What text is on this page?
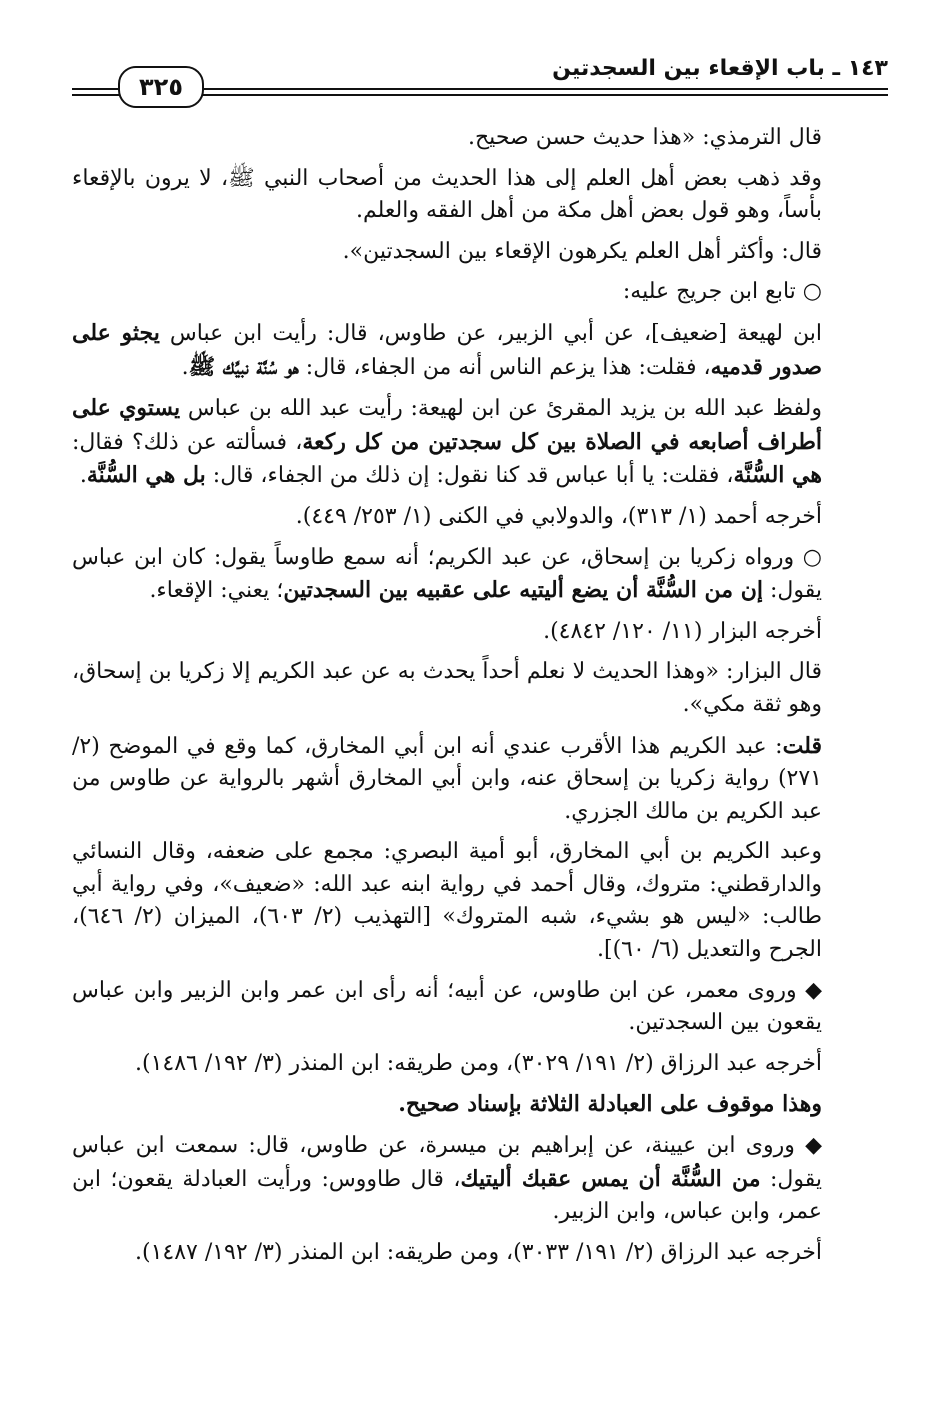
١٤٣ ـ باب الإقعاء بين السجدتين
٣٢٥

قال الترمذي: «هذا حديث حسن صحيح.

وقد ذهب بعض أهل العلم إلى هذا الحديث من أصحاب النبي ﷺ، لا يرون بالإقعاء بأساً، وهو قول بعض أهل مكة من أهل الفقه والعلم.

قال: وأكثر أهل العلم يكرهون الإقعاء بين السجدتين».

○ تابع ابن جريج عليه:

ابن لهيعة [ضعيف]، عن أبي الزبير، عن طاوس، قال: رأيت ابن عباس يجثو على صدور قدميه، فقلت: هذا يزعم الناس أنه من الجفاء، قال: هو سُنَّة نبيِّك ﷺ.

ولفظ عبد الله بن يزيد المقرئ عن ابن لهيعة: رأيت عبد الله بن عباس يستوي على أطراف أصابعه في الصلاة بين كل سجدتين من كل ركعة، فسألته عن ذلك؟ فقال: هي السُّنَّة، فقلت: يا أبا عباس قد كنا نقول: إن ذلك من الجفاء، قال: بل هي السُّنَّة.

أخرجه أحمد (١/ ٣١٣)، والدولابي في الكنى (١/ ٢٥٣/ ٤٤٩).

○ ورواه زكريا بن إسحاق، عن عبد الكريم؛ أنه سمع طاوساً يقول: كان ابن عباس يقول: إن من السُّنَّة أن يضع أليتيه على عقبيه بين السجدتين؛ يعني: الإقعاء.

أخرجه البزار (١١/ ١٢٠/ ٤٨٤٢).

قال البزار: «وهذا الحديث لا نعلم أحداً يحدث به عن عبد الكريم إلا زكريا بن إسحاق، وهو ثقة مكي».

قلت: عبد الكريم هذا الأقرب عندي أنه ابن أبي المخارق، كما وقع في الموضح (٢/ ٢٧١) رواية زكريا بن إسحاق عنه، وابن أبي المخارق أشهر بالرواية عن طاوس من عبد الكريم بن مالك الجزري.

وعبد الكريم بن أبي المخارق، أبو أمية البصري: مجمع على ضعفه، وقال النسائي والدارقطني: متروك، وقال أحمد في رواية ابنه عبد الله: «ضعيف»، وفي رواية أبي طالب: «ليس هو بشيء، شبه المتروك» [التهذيب (٢/ ٦٠٣)، الميزان (٢/ ٦٤٦)، الجرح والتعديل (٦/ ٦٠)].

◆ وروى معمر، عن ابن طاوس، عن أبيه؛ أنه رأى ابن عمر وابن الزبير وابن عباس يقعون بين السجدتين.

أخرجه عبد الرزاق (٢/ ١٩١/ ٣٠٢٩)، ومن طريقه: ابن المنذر (٣/ ١٩٢/ ١٤٨٦).

وهذا موقوف على العبادلة الثلاثة بإسناد صحيح.

◆ وروى ابن عيينة، عن إبراهيم بن ميسرة، عن طاوس، قال: سمعت ابن عباس يقول: من السُّنَّة أن يمس عقبك أليتيك، قال طاووس: ورأيت العبادلة يقعون؛ ابن عمر، وابن عباس، وابن الزبير.

أخرجه عبد الرزاق (٢/ ١٩١/ ٣٠٣٣)، ومن طريقه: ابن المنذر (٣/ ١٩٢/ ١٤٨٧).
